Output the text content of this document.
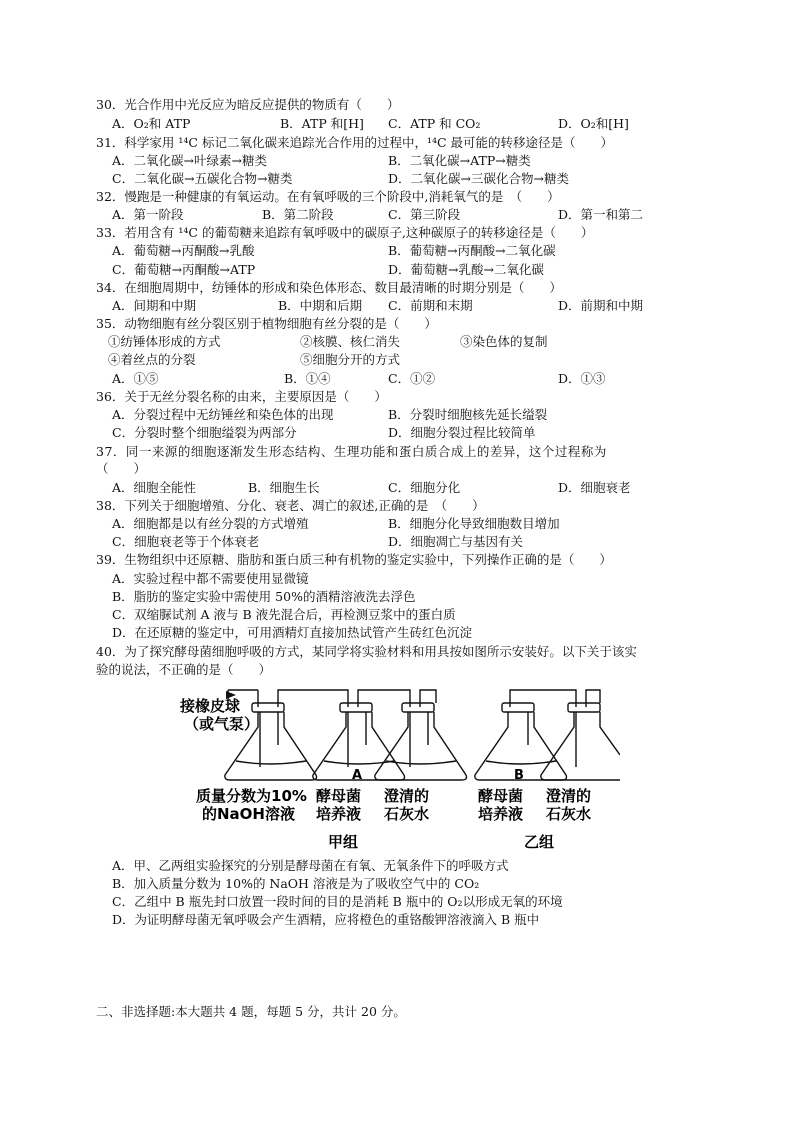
30．光合作用中光反应为暗反应提供的物质有（　　）
A．O₂和 ATP	B．ATP 和[H] C．ATP 和 CO₂	D．O₂和[H]
31．科学家用 ¹⁴C 标记二氧化碳来追踪光合作用的过程中，¹⁴C 最可能的转移途径是（　　）
A．二氧化碳→叶绿素→糖类	B．二氧化碳→ATP→糖类
C．二氧化碳→五碳化合物→糖类	D．二氧化碳→三碳化合物→糖类
32．慢跑是一种健康的有氧运动。在有氧呼吸的三个阶段中,消耗氧气的是　（　　）
A．第一阶段	B．第二阶段	C．第三阶段	D．第一和第二
33．若用含有 ¹⁴C 的葡萄糖来追踪有氧呼吸中的碳原子,这种碳原子的转移途径是（　　）
A．葡萄糖→丙酮酸→乳酸	B．葡萄糖→丙酮酸→二氧化碳
C．葡萄糖→丙酮酸→ATP	D．葡萄糖→乳酸→二氧化碳
34．在细胞周期中，纺锤体的形成和染色体形态、数目最清晰的时期分别是（　　）
A．间期和中期	B．中期和后期 C．前期和末期	D．前期和中期
35．动物细胞有丝分裂区别于植物细胞有丝分裂的是（　　）
①纺锤体形成的方式	②核膜、核仁消失	③染色体的复制
④着丝点的分裂	⑤细胞分开的方式
A．①⑤	B．①④	C．①②	D．①③
36．关于无丝分裂名称的由来，主要原因是（　　）
A．分裂过程中无纺锤丝和染色体的出现	B．分裂时细胞核先延长缢裂
C．分裂时整个细胞缢裂为两部分	D．细胞分裂过程比较简单
37．同一来源的细胞逐渐发生形态结构、生理功能和蛋白质合成上的差异，这个过程称为
（　　）
A．细胞全能性	B．细胞生长	C．细胞分化	D．细胞衰老
38．下列关于细胞增殖、分化、衰老、凋亡的叙述,正确的是　（　　）
A．细胞都是以有丝分裂的方式增殖	B．细胞分化导致细胞数目增加
C．细胞衰老等于个体衰老	D．细胞凋亡与基因有关
39．生物组织中还原糖、脂肪和蛋白质三种有机物的鉴定实验中，下列操作正确的是（　　）
A．实验过程中都不需要使用显微镜
B．脂肪的鉴定实验中需使用 50%的酒精溶液洗去浮色
C．双缩脲试剂 A 液与 B 液先混合后，再检测豆浆中的蛋白质
D．在还原糖的鉴定中，可用酒精灯直接加热试管产生砖红色沉淀
40．为了探究酵母菌细胞呼吸的方式，某同学将实验材料和用具按如图所示安装好。以下关于该实
验的说法，不正确的是（　　）
接橡皮球
（或气泵）
A	B
质量分数为10%
的NaOH溶液
酵母菌
培养液
澄清的
石灰水
酵母菌
培养液
澄清的
石灰水
甲组	乙组
A．甲、乙两组实验探究的分别是酵母菌在有氧、无氧条件下的呼吸方式
B．加入质量分数为 10%的 NaOH 溶液是为了吸收空气中的 CO₂
C．乙组中 B 瓶先封口放置一段时间的目的是消耗 B 瓶中的 O₂以形成无氧的环境
D．为证明酵母菌无氧呼吸会产生酒精，应将橙色的重铬酸钾溶液滴入 B 瓶中
二、非选择题:本大题共 4 题，每题 5 分，共计 20 分。
